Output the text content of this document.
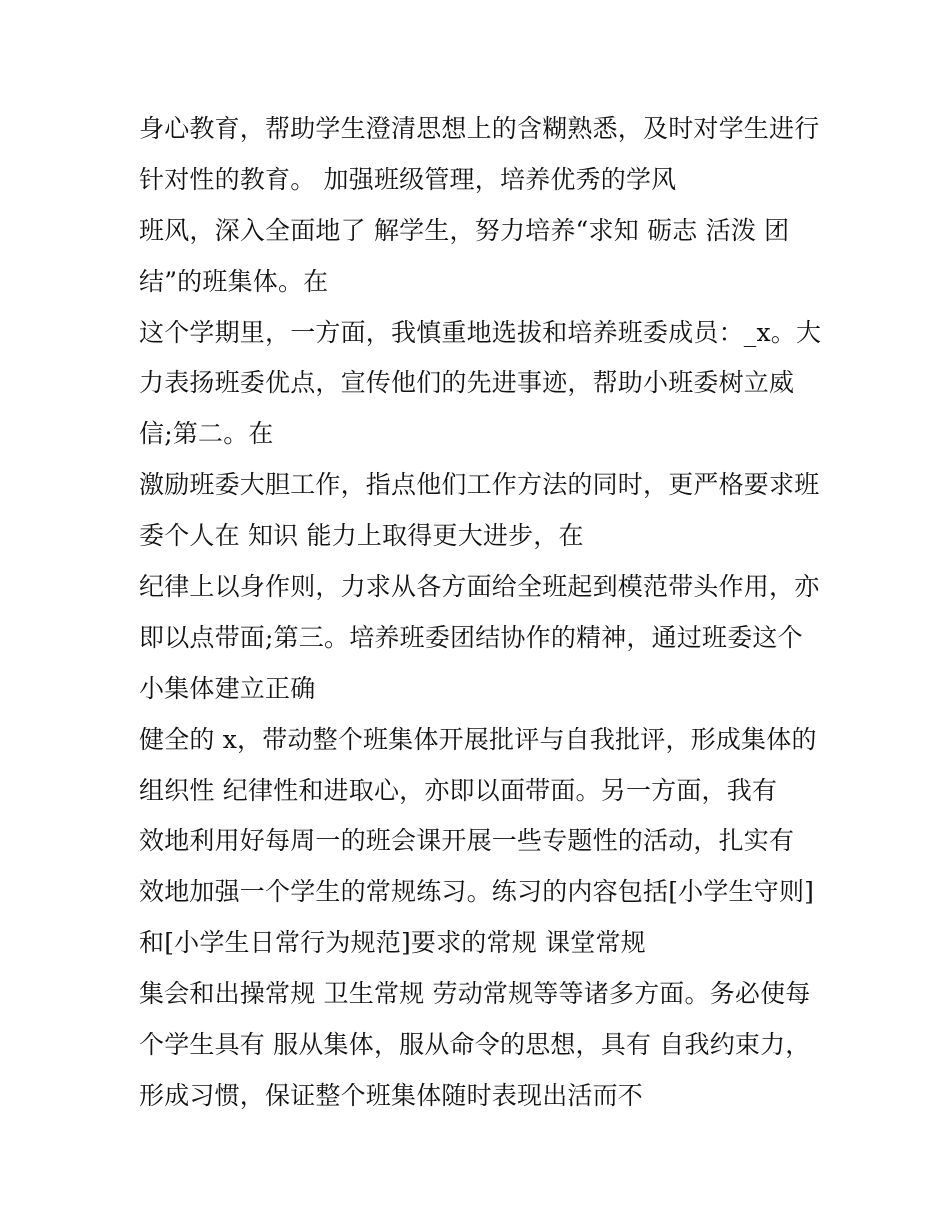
身心教育，帮助学生澄清思想上的含糊熟悉，及时对学生进行
针对性的教育。 加强班级管理，培养优秀的学风
班风，深入全面地了 解学生，努力培养“求知 砺志 活泼 团
结”的班集体。在
这个学期里，一方面，我慎重地选拔和培养班委成员：_x。大
力表扬班委优点，宣传他们的先进事迹，帮助小班委树立威
信;第二。在
激励班委大胆工作，指点他们工作方法的同时，更严格要求班
委个人在 知识 能力上取得更大进步，在
纪律上以身作则，力求从各方面给全班起到模范带头作用，亦
即以点带面;第三。培养班委团结协作的精神，通过班委这个
小集体建立正确
健全的 x，带动整个班集体开展批评与自我批评，形成集体的
组织性 纪律性和进取心，亦即以面带面。另一方面，我有
效地利用好每周一的班会课开展一些专题性的活动，扎实有
效地加强一个学生的常规练习。练习的内容包括[小学生守则]
和[小学生日常行为规范]要求的常规 课堂常规
集会和出操常规 卫生常规 劳动常规等等诸多方面。务必使每
个学生具有 服从集体，服从命令的思想，具有 自我约束力，
形成习惯，保证整个班集体随时表现出活而不
